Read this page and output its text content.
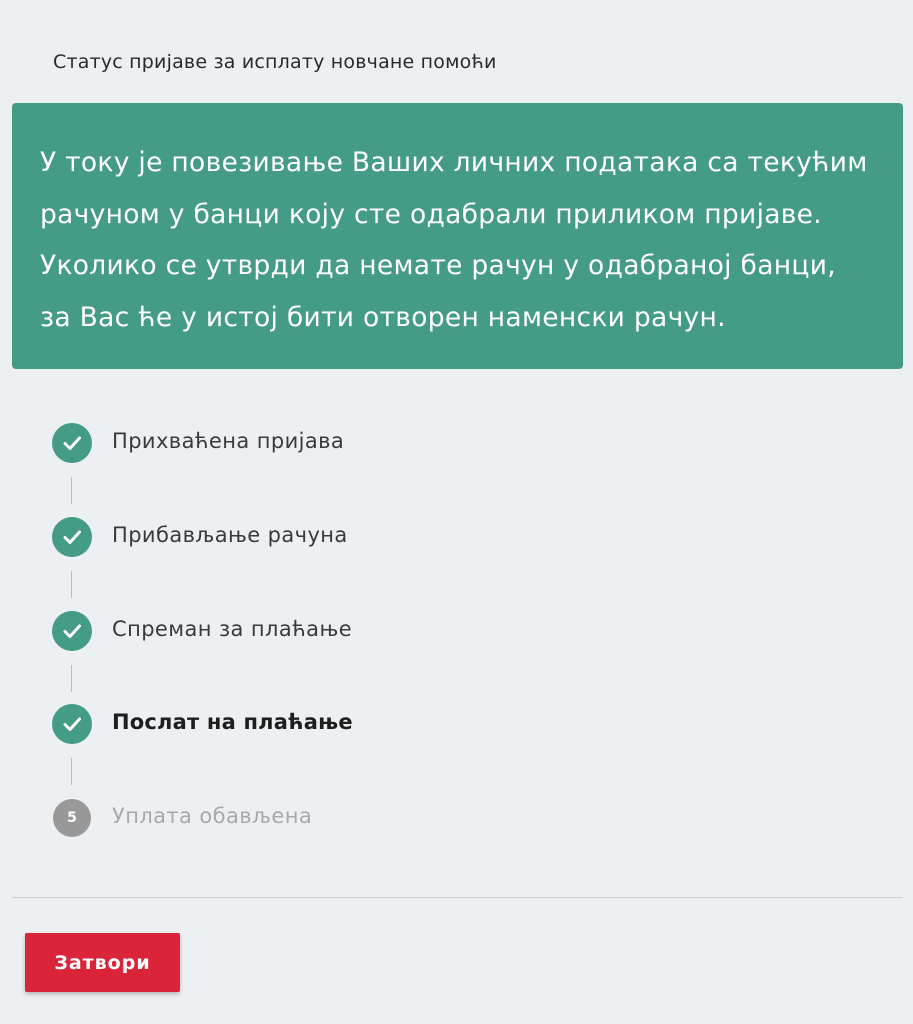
Статус пријаве за исплату новчане помоћи

У току је повезивање Ваших личних података са текућим рачуном у банци коју сте одабрали приликом пријаве. Уколико се утврди да немате рачун у одабраној банци, за Вас ће у истој бити отворен наменски рачун.

Прихваћена пријава
Прибављање рачуна
Спреман за плаћање
Послат на плаћање
5 Уплата обављена
Затвори
